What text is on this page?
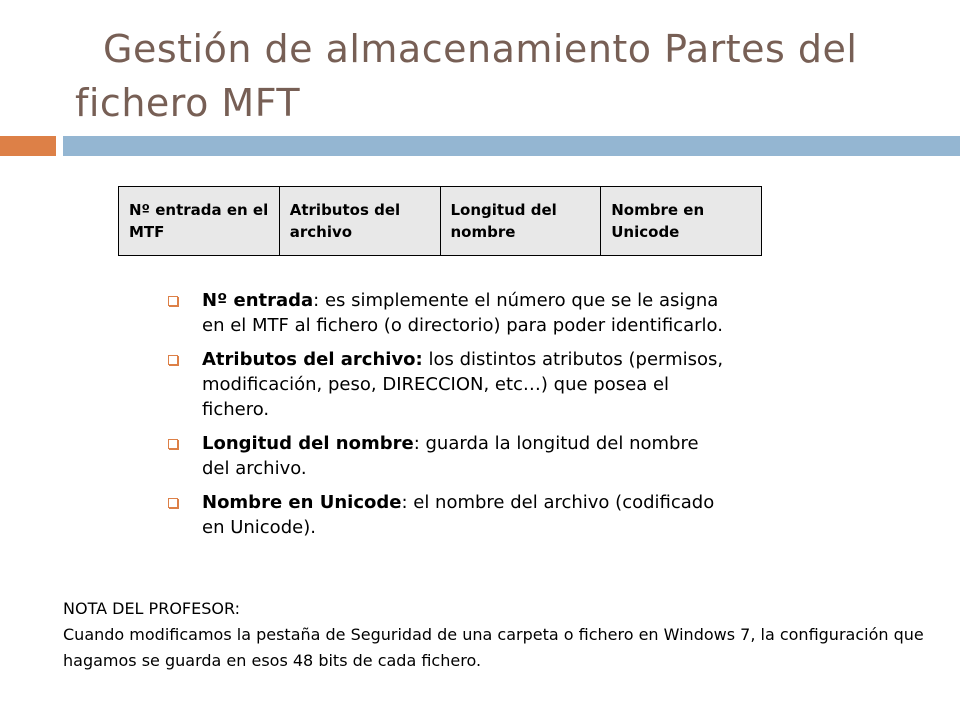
Gestión de almacenamiento Partes del
fichero MFT
Nº entrada en el MTF	Atributos del archivo	Longitud del nombre	Nombre en Unicode
Nº entrada: es simplemente el número que se le asigna en el MTF al fichero (o directorio) para poder identificarlo.
Atributos del archivo: los distintos atributos (permisos, modificación, peso, DIRECCION, etc…) que posea el fichero.
Longitud del nombre: guarda la longitud del nombre del archivo.
Nombre en Unicode: el nombre del archivo (codificado en Unicode).

NOTA DEL PROFESOR:

Cuando modificamos la pestaña de Seguridad de una carpeta o fichero en Windows 7, la configuración que hagamos se guarda en esos 48 bits de cada fichero.
